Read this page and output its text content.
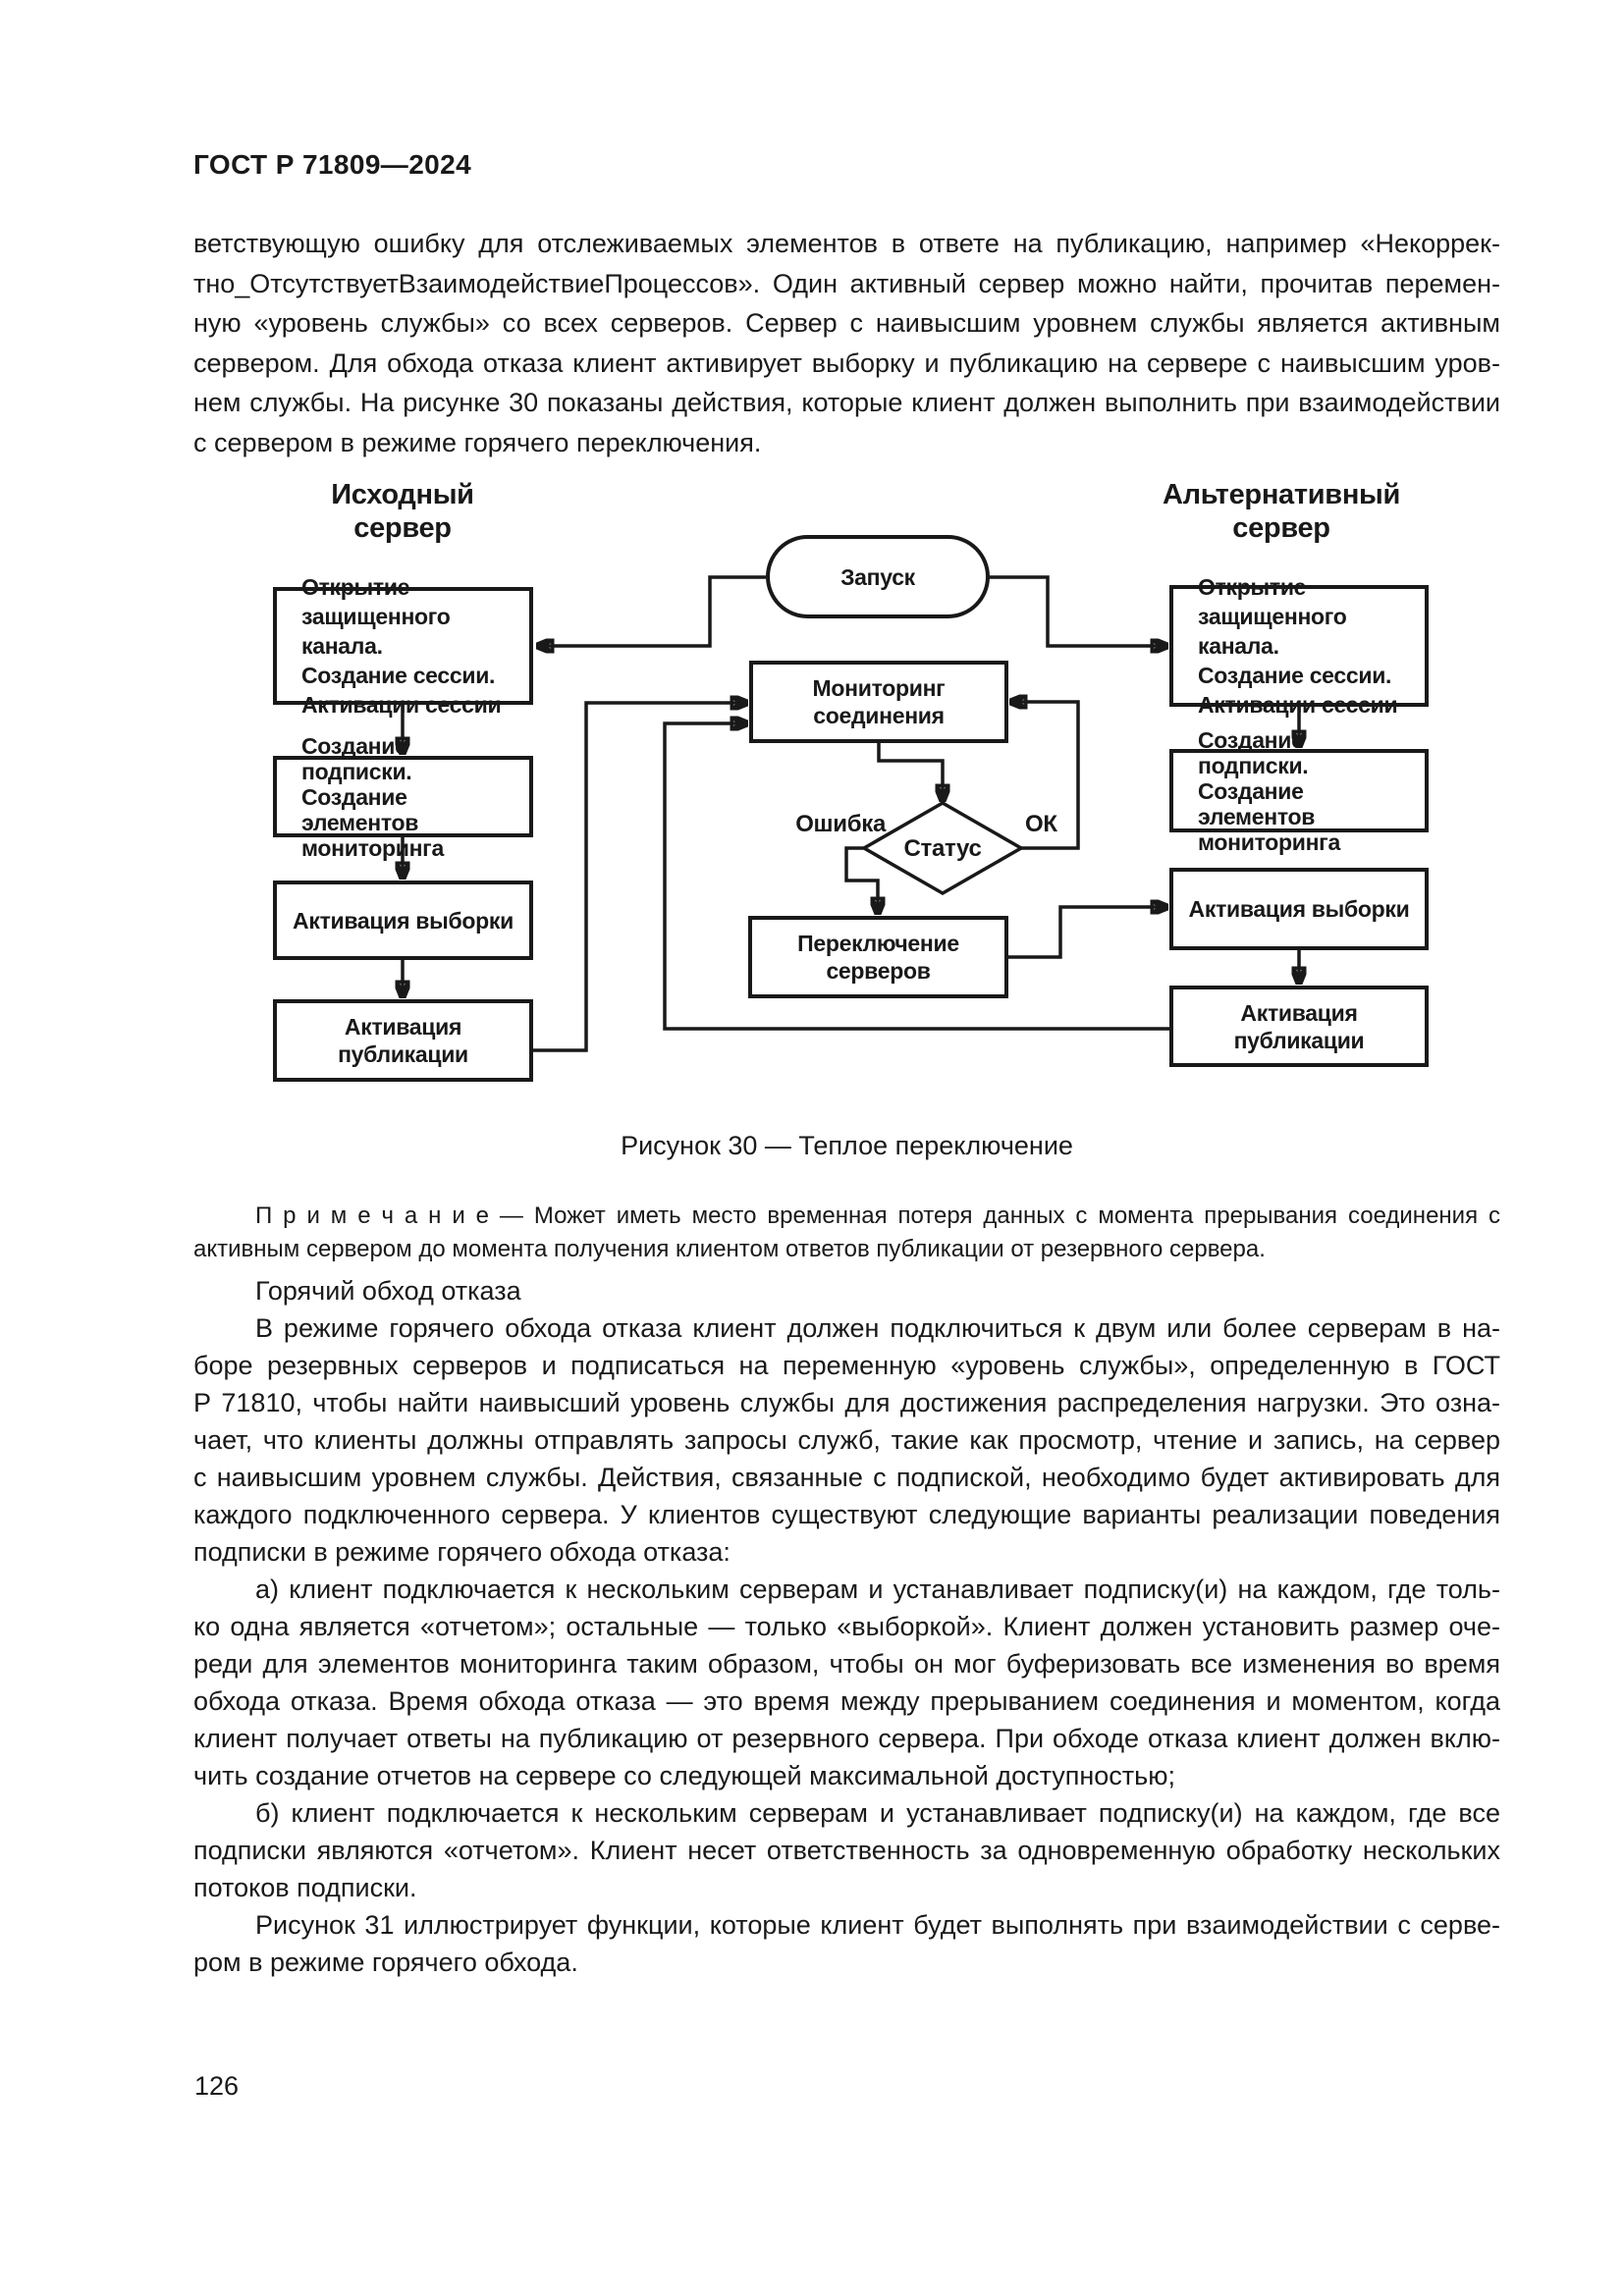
ГОСТ Р 71809—2024
ветствующую ошибку для отслеживаемых элементов в ответе на публикацию, например «Некоррек-
тно_ОтсутствуетВзаимодействиеПроцессов». Один активный сервер можно найти, прочитав перемен-
ную «уровень службы» со всех серверов. Сервер с наивысшим уровнем службы является активным
сервером. Для обхода отказа клиент активирует выборку и публикацию на сервере с наивысшим уров-
нем службы. На рисунке 30 показаны действия, которые клиент должен выполнить при взаимодействии
с сервером в режиме горячего переключения.
Исходный
сервер
Альтернативный
сервер
Запуск
Открытие
защищенного канала.
Создание сессии.
Активации сессии
Создание подписки.
Создание элементов
мониторинга
Активация выборки
Активация публикации
Мониторинг
соединения
Ошибка	ОК
Статус
Переключение
серверов
Открытие
защищенного канала.
Создание сессии.
Активации сессии
Создание подписки.
Создание элементов
мониторинга
Активация выборки
Активация публикации
Рисунок 30 — Теплое переключение
П р и м е ч а н и е — Может иметь место временная потеря данных с момента прерывания соединения с
активным сервером до момента получения клиентом ответов публикации от резервного сервера.
Горячий обход отказа
В режиме горячего обхода отказа клиент должен подключиться к двум или более серверам в на-
боре резервных серверов и подписаться на переменную «уровень службы», определенную в ГОСТ
Р 71810, чтобы найти наивысший уровень службы для достижения распределения нагрузки. Это озна-
чает, что клиенты должны отправлять запросы служб, такие как просмотр, чтение и запись, на сервер
с наивысшим уровнем службы. Действия, связанные с подпиской, необходимо будет активировать для
каждого подключенного сервера. У клиентов существуют следующие варианты реализации поведения
подписки в режиме горячего обхода отказа:
а) клиент подключается к нескольким серверам и устанавливает подписку(и) на каждом, где толь-
ко одна является «отчетом»; остальные — только «выборкой». Клиент должен установить размер оче-
реди для элементов мониторинга таким образом, чтобы он мог буферизовать все изменения во время
обхода отказа. Время обхода отказа — это время между прерыванием соединения и моментом, когда
клиент получает ответы на публикацию от резервного сервера. При обходе отказа клиент должен вклю-
чить создание отчетов на сервере со следующей максимальной доступностью;
б) клиент подключается к нескольким серверам и устанавливает подписку(и) на каждом, где все
подписки являются «отчетом». Клиент несет ответственность за одновременную обработку нескольких
потоков подписки.
Рисунок 31 иллюстрирует функции, которые клиент будет выполнять при взаимодействии с серве-
ром в режиме горячего обхода.
126
